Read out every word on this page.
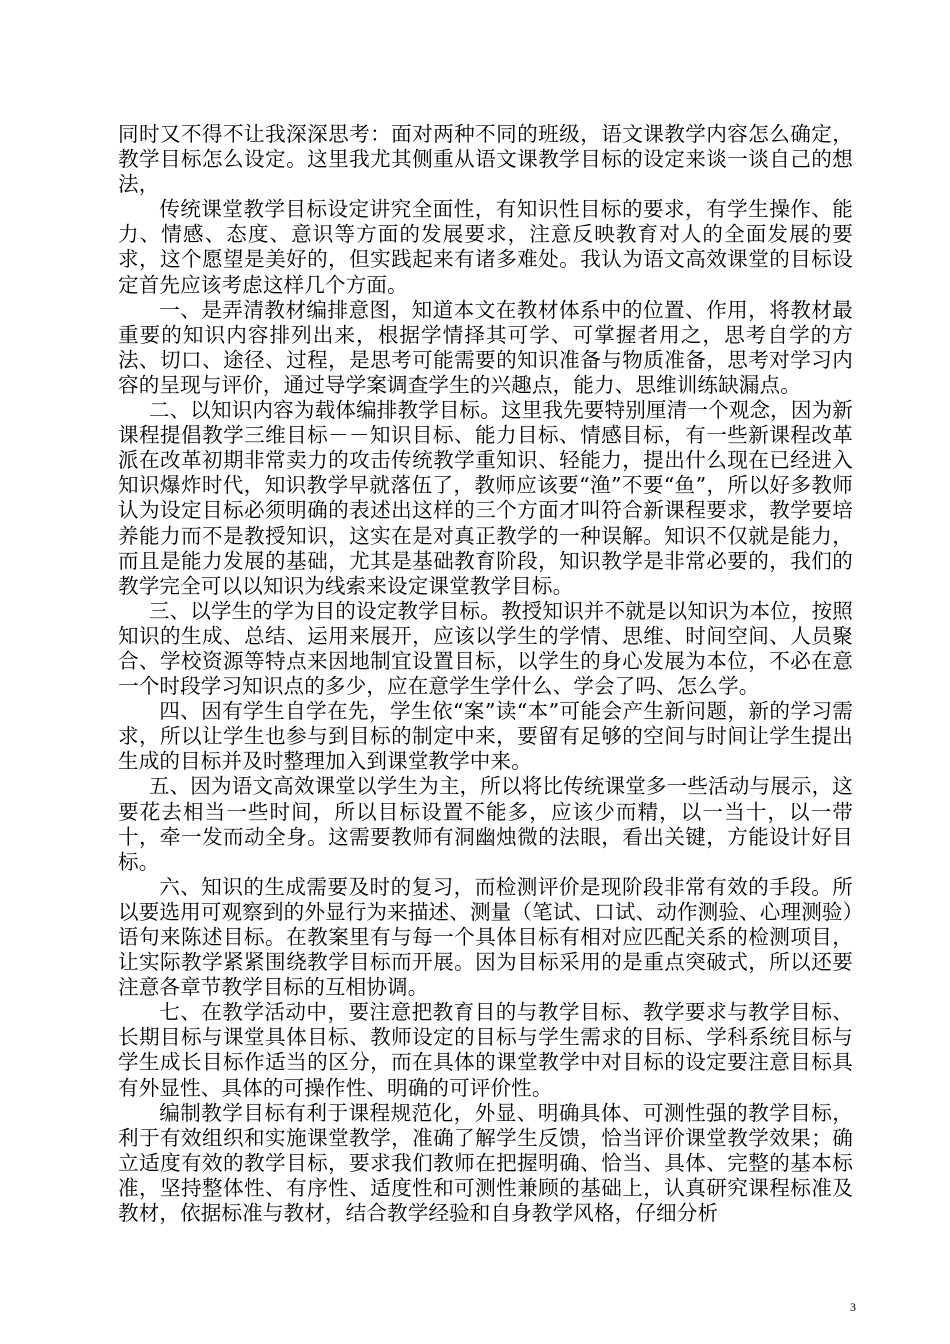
同时又不得不让我深深思考：面对两种不同的班级，语文课教学内容怎么确定，教学目标怎么设定。这里我尤其侧重从语文课教学目标的设定来谈一谈自己的想法，

传统课堂教学目标设定讲究全面性，有知识性目标的要求，有学生操作、能力、情感、态度、意识等方面的发展要求，注意反映教育对人的全面发展的要求，这个愿望是美好的，但实践起来有诸多难处。我认为语文高效课堂的目标设定首先应该考虑这样几个方面。

一、是弄清教材编排意图，知道本文在教材体系中的位置、作用，将教材最重要的知识内容排列出来，根据学情择其可学、可掌握者用之，思考自学的方法、切口、途径、过程，是思考可能需要的知识准备与物质准备，思考对学习内容的呈现与评价，通过导学案调查学生的兴趣点，能力、思维训练缺漏点。

二、以知识内容为载体编排教学目标。这里我先要特别厘清一个观念，因为新课程提倡教学三维目标－－知识目标、能力目标、情感目标，有一些新课程改革派在改革初期非常卖力的攻击传统教学重知识、轻能力，提出什么现在已经进入知识爆炸时代，知识教学早就落伍了，教师应该要“渔”不要“鱼”，所以好多教师认为设定目标必须明确的表述出这样的三个方面才叫符合新课程要求，教学要培养能力而不是教授知识，这实在是对真正教学的一种误解。知识不仅就是能力，而且是能力发展的基础，尤其是基础教育阶段，知识教学是非常必要的，我们的教学完全可以以知识为线索来设定课堂教学目标。

三、以学生的学为目的设定教学目标。教授知识并不就是以知识为本位，按照知识的生成、总结、运用来展开，应该以学生的学情、思维、时间空间、人员聚合、学校资源等特点来因地制宜设置目标，以学生的身心发展为本位，不必在意一个时段学习知识点的多少，应在意学生学什么、学会了吗、怎么学。

四、因有学生自学在先，学生依“案”读“本”可能会产生新问题，新的学习需求，所以让学生也参与到目标的制定中来，要留有足够的空间与时间让学生提出生成的目标并及时整理加入到课堂教学中来。

五、因为语文高效课堂以学生为主，所以将比传统课堂多一些活动与展示，这要花去相当一些时间，所以目标设置不能多，应该少而精，以一当十，以一带十，牵一发而动全身。这需要教师有洞幽烛微的法眼，看出关键，方能设计好目标。

六、知识的生成需要及时的复习，而检测评价是现阶段非常有效的手段。所以要选用可观察到的外显行为来描述、测量（笔试、口试、动作测验、心理测验）语句来陈述目标。在教案里有与每一个具体目标有相对应匹配关系的检测项目，让实际教学紧紧围绕教学目标而开展。因为目标采用的是重点突破式，所以还要注意各章节教学目标的互相协调。

七、在教学活动中，要注意把教育目的与教学目标、教学要求与教学目标、长期目标与课堂具体目标、教师设定的目标与学生需求的目标、学科系统目标与学生成长目标作适当的区分，而在具体的课堂教学中对目标的设定要注意目标具有外显性、具体的可操作性、明确的可评价性。

编制教学目标有利于课程规范化，外显、明确具体、可测性强的教学目标，利于有效组织和实施课堂教学，准确了解学生反馈，恰当评价课堂教学效果；确立适度有效的教学目标，要求我们教师在把握明确、恰当、具体、完整的基本标准，坚持整体性、有序性、适度性和可测性兼顾的基础上，认真研究课程标准及教材，依据标准与教材，结合教学经验和自身教学风格，仔细分析

3
